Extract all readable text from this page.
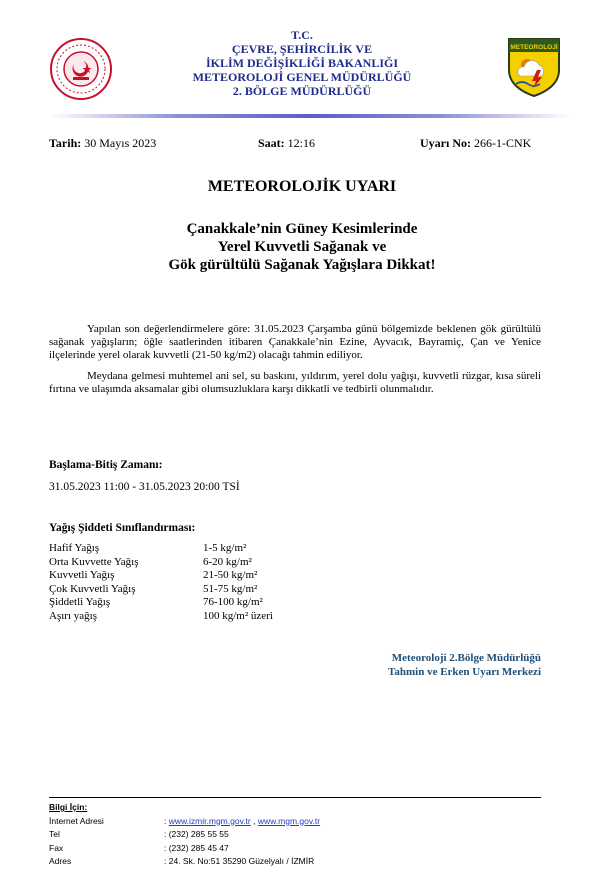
T.C.
ÇEVRE, ŞEHİRCİLİK VE
İKLİM DEĞİŞİKLİĞİ BAKANLIĞI
METEOROLOJİ GENEL MÜDÜRLÜĞÜ
2. BÖLGE MÜDÜRLÜĞÜ
METEOROLOJİ
Tarih: 30 Mayıs 2023	Saat: 12:16	Uyarı No: 266-1-CNK
METEOROLOJİK UYARI
Çanakkale’nin Güney Kesimlerinde
Yerel Kuvvetli Sağanak ve
Gök gürültülü Sağanak Yağışlara Dikkat!

Yapılan son değerlendirmelere göre: 31.05.2023 Çarşamba günü bölgemizde beklenen gök gürültülü sağanak yağışların; öğle saatlerinden itibaren Çanakkale’nin Ezine, Ayvacık, Bayramiç, Çan ve Yenice ilçelerinde yerel olarak kuvvetli (21-50 kg/m2) olacağı tahmin ediliyor.

Meydana gelmesi muhtemel ani sel, su baskını, yıldırım, yerel dolu yağışı, kuvvetli rüzgar, kısa süreli fırtına ve ulaşımda aksamalar gibi olumsuzluklara karşı dikkatli ve tedbirli olunmalıdır.

Başlama-Bitiş Zamanı:
31.05.2023 11:00 - 31.05.2023 20:00 TSİ
Yağış Şiddeti Sınıflandırması:
Hafif Yağış	1-5 kg/m²
Orta Kuvvette Yağış	6-20 kg/m²
Kuvvetli Yağış	21-50 kg/m²
Çok Kuvvetli Yağış	51-75 kg/m²
Şiddetli Yağış	76-100 kg/m²
Aşırı yağış	100 kg/m² üzeri
Meteoroloji 2.Bölge Müdürlüğü
Tahmin ve Erken Uyarı Merkezi
Bilgi İçin:
İnternet Adresi	: www.izmir.mgm.gov.tr , www.mgm.gov.tr
Tel	: (232) 285 55 55
Fax	: (232) 285 45 47
Adres	: 24. Sk. No:51 35290 Güzelyalı / İZMİR
